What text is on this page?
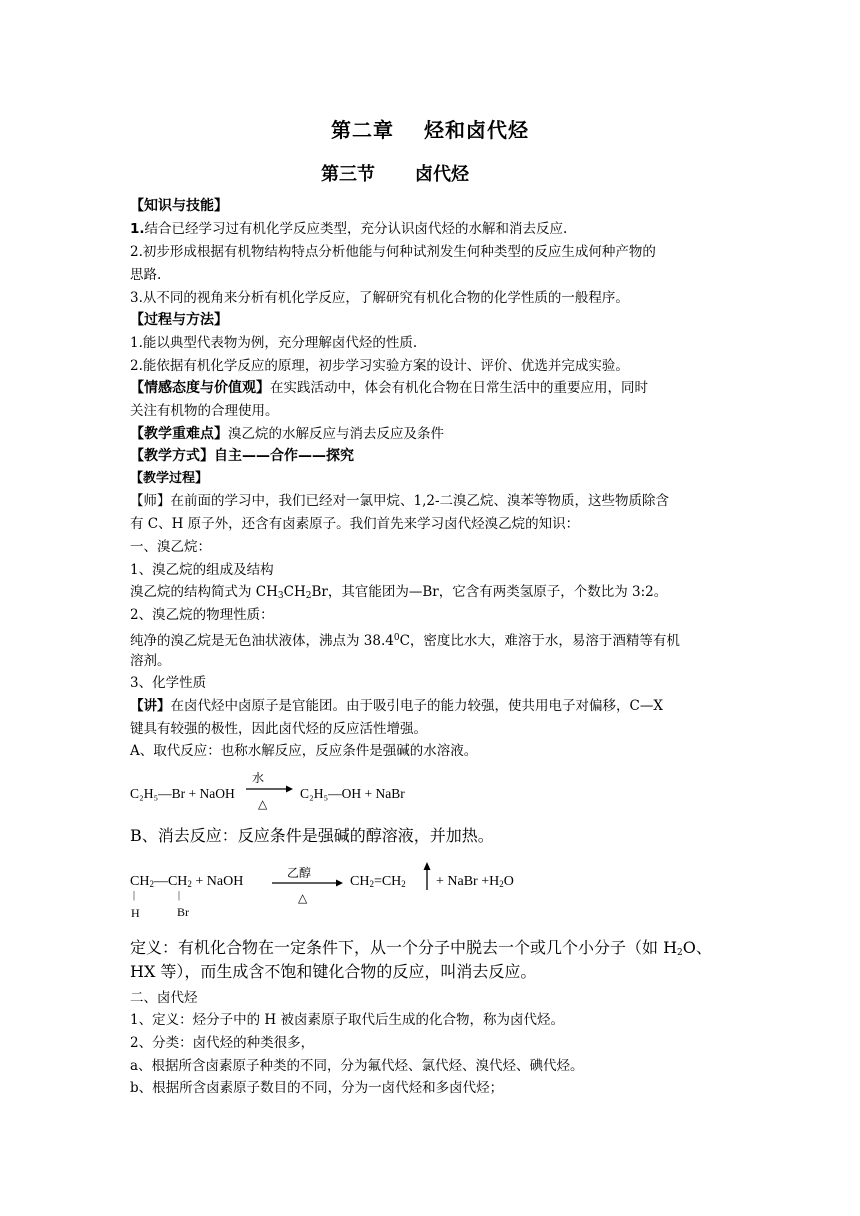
第二章 烃和卤代烃
第三节 卤代烃
【知识与技能】
1.结合已经学习过有机化学反应类型，充分认识卤代烃的水解和消去反应.
2.初步形成根据有机物结构特点分析他能与何种试剂发生何种类型的反应生成何种产物的
思路.
3.从不同的视角来分析有机化学反应，了解研究有机化合物的化学性质的一般程序。
【过程与方法】
1.能以典型代表物为例，充分理解卤代烃的性质.
2.能依据有机化学反应的原理，初步学习实验方案的设计、评价、优选并完成实验。
【情感态度与价值观】在实践活动中，体会有机化合物在日常生活中的重要应用，同时
关注有机物的合理使用。
【教学重难点】溴乙烷的水解反应与消去反应及条件
【教学方式】自主——合作——探究
【教学过程】
【师】在前面的学习中，我们已经对一氯甲烷、1,2-二溴乙烷、溴苯等物质，这些物质除含
有 C、H 原子外，还含有卤素原子。我们首先来学习卤代烃溴乙烷的知识：
一、溴乙烷：
1、溴乙烷的组成及结构
溴乙烷的结构简式为 $CH_3CH_2Br$，其官能团为—Br，它含有两类氢原子，个数比为 3:2。
2、溴乙烷的物理性质：
纯净的溴乙烷是无色油状液体，沸点为 38.4$^0$C，密度比水大，难溶于水，易溶于酒精等有机
溶剂。
3、化学性质
【讲】在卤代烃中卤原子是官能团。由于吸引电子的能力较强，使共用电子对偏移，C—X
键具有较强的极性，因此卤代烃的反应活性增强。
A、取代反应：也称水解反应，反应条件是强碱的水溶液。
C₂H₅—Br + NaOH
水
△
C₂H₅—OH + NaBr
B、消去反应：反应条件是强碱的醇溶液，并加热。
$CH_2—CH_2$ + NaOH
|	|
H	Br
乙醇
△
$CH_2=CH_2$ + NaBr $+H_2O$
定义：有机化合物在一定条件下，从一个分子中脱去一个或几个小分子（如 $H_2O$、
HX 等），而生成含不饱和键化合物的反应，叫消去反应。
二、卤代烃
1、定义：烃分子中的 H 被卤素原子取代后生成的化合物，称为卤代烃。
2、分类：卤代烃的种类很多，
a、根据所含卤素原子种类的不同，分为氟代烃、氯代烃、溴代烃、碘代烃。
b、根据所含卤素原子数目的不同，分为一卤代烃和多卤代烃；
